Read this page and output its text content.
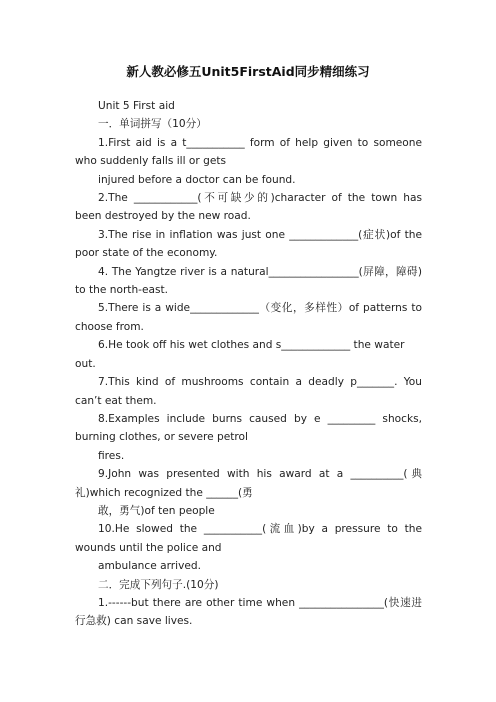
新人教必修五Unit5FirstAid同步精细练习

Unit 5 First aid

一．单词拼写（10分）

1.First aid is a t___________ form of help given to someone who suddenly falls ill or gets

injured before a doctor can be found.

2.The ____________(不可缺少的)character of the town has been destroyed by the new road.

3.The rise in inflation was just one _____________(症状)of the poor state of the economy.

4. The Yangtze river is a natural_________________(屏障，障碍) to the north-east.

5.There is a wide_____________（变化，多样性）of patterns to choose from.

6.He took off his wet clothes and s_____________ the water out.

7.This kind of mushrooms contain a deadly p_______. You can’t eat them.

8.Examples include burns caused by e _________ shocks, burning clothes, or severe petrol

fires.

9.John was presented with his award at a __________(典礼)which recognized the ______(勇

敢，勇气)of ten people

10.He slowed the ___________(流血)by a pressure to the wounds until the police and

ambulance arrived.

二．完成下列句子.(10分)

1.------but there are other time when ________________(快速进行急救) can save lives.
